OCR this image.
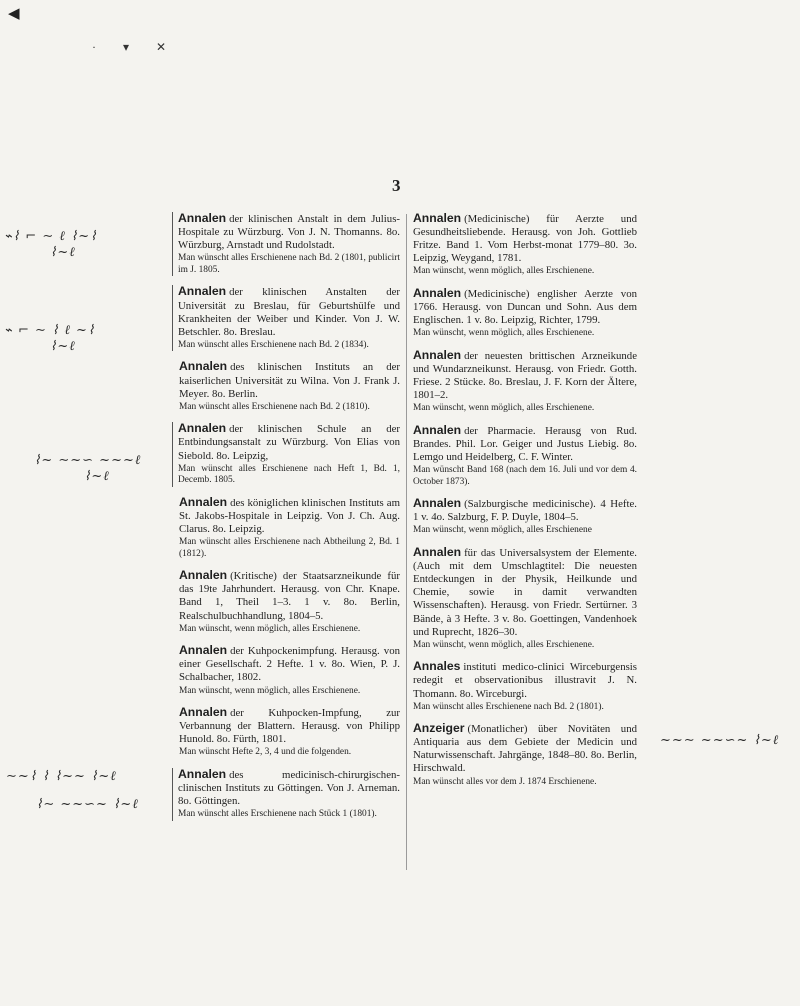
◀
· ▾ ✕
3
⌁⌇ ⌐ ∼ ℓ ⌇~⌇
⌇~ℓ
⌁ ⌐ ∼ ⌇ ℓ ~⌇
⌇~ℓ
⌇~ ∼~∽ ~~~ℓ
⌇~ℓ
∼~⌇ ⌇ ⌇~~ ⌇~ℓ
⌇∼ ~~∽~ ⌇~ℓ
~~∼ ~~∽~ ⌇~ℓ
Annalen der klinischen Anstalt in dem Julius-Hospitale zu Würzburg. Von J. N. Thomanns. 8o. Würzburg, Arnstadt und Rudolstadt.
Man wünscht alles Erschienene nach Bd. 2 (1801, publicirt im J. 1805.
Annalen der klinischen Anstalten der Universität zu Breslau, für Geburtshülfe und Krankheiten der Weiber und Kinder. Von J. W. Betschler. 8o. Breslau.
Man wünscht alles Erschienene nach Bd. 2 (1834).
Annalen des klinischen Instituts an der kaiserlichen Universität zu Wilna. Von J. Frank J. Meyer. 8o. Berlin.
Man wünscht alles Erschienene nach Bd. 2 (1810).
Annalen der klinischen Schule an der Entbindungsanstalt zu Würzburg. Von Elias von Siebold. 8o. Leipzig,
Man wünscht alles Erschienene nach Heft 1, Bd. 1, Decemb. 1805.
Annalen des königlichen klinischen Instituts am St. Jakobs-Hospitale in Leipzig. Von J. Ch. Aug. Clarus. 8o. Leipzig.
Man wünscht alles Erschienene nach Abtheilung 2, Bd. 1 (1812).
Annalen (Kritische) der Staatsarzneikunde für das 19te Jahrhundert. Herausg. von Chr. Knape. Band 1, Theil 1–3. 1 v. 8o. Berlin, Realschulbuchhandlung, 1804–5.
Man wünscht, wenn möglich, alles Erschienene.
Annalen der Kuhpockenimpfung. Herausg. von einer Gesellschaft. 2 Hefte. 1 v. 8o. Wien, P. J. Schalbacher, 1802.
Man wünscht, wenn möglich, alles Erschienene.
Annalen der Kuhpocken-Impfung, zur Verbannung der Blattern. Herausg. von Philipp Hunold. 8o. Fürth, 1801.
Man wünscht Hefte 2, 3, 4 und die folgenden.
Annalen des medicinisch-chirurgischen-clinischen Instituts zu Göttingen. Von J. Arneman. 8o. Göttingen.
Man wünscht alles Erschienene nach Stück 1 (1801).
Annalen (Medicinische) für Aerzte und Gesundheitsliebende. Herausg. von Joh. Gottlieb Fritze. Band 1. Vom Herbst-monat 1779–80. 3o. Leipzig, Weygand, 1781.
Man wünscht, wenn möglich, alles Erschienene.
Annalen (Medicinische) englisher Aerzte von 1766. Herausg. von Duncan und Sohn. Aus dem Englischen. 1 v. 8o. Leipzig, Richter, 1799.
Man wünscht, wenn möglich, alles Erschienene.
Annalen der neuesten brittischen Arzneikunde und Wundarzneikunst. Herausg. von Friedr. Gotth. Friese. 2 Stücke. 8o. Breslau, J. F. Korn der Ältere, 1801–2.
Man wünscht, wenn möglich, alles Erschienene.
Annalen der Pharmacie. Herausg von Rud. Brandes. Phil. Lor. Geiger und Justus Liebig. 8o. Lemgo und Heidelberg, C. F. Winter.
Man wünscht Band 168 (nach dem 16. Juli und vor dem 4. October 1873).
Annalen (Salzburgische medicinische). 4 Hefte. 1 v. 4o. Salzburg, F. P. Duyle, 1804–5.
Man wünscht, wenn möglich, alles Erschienene
Annalen für das Universalsystem der Elemente. (Auch mit dem Umschlagtitel: Die neuesten Entdeckungen in der Physik, Heilkunde und Chemie, sowie in damit verwandten Wissenschaften). Herausg. von Friedr. Sertürner. 3 Bände, à 3 Hefte. 3 v. 8o. Goettingen, Vandenhoek und Ruprecht, 1826–30.
Man wünscht, wenn möglich, alles Erschienene.
Annales instituti medico-clinici Wirceburgensis redegit et observationibus illustravit J. N. Thomann. 8o. Wirceburgi.
Man wünscht alles Erschienene nach Bd. 2 (1801).
Anzeiger (Monatlicher) über Novitäten und Antiquaria aus dem Gebiete der Medicin und Naturwissenschaft. Jahrgänge, 1848–80. 8o. Berlin, Hirschwald.
Man wünscht alles vor dem J. 1874 Erschienene.
